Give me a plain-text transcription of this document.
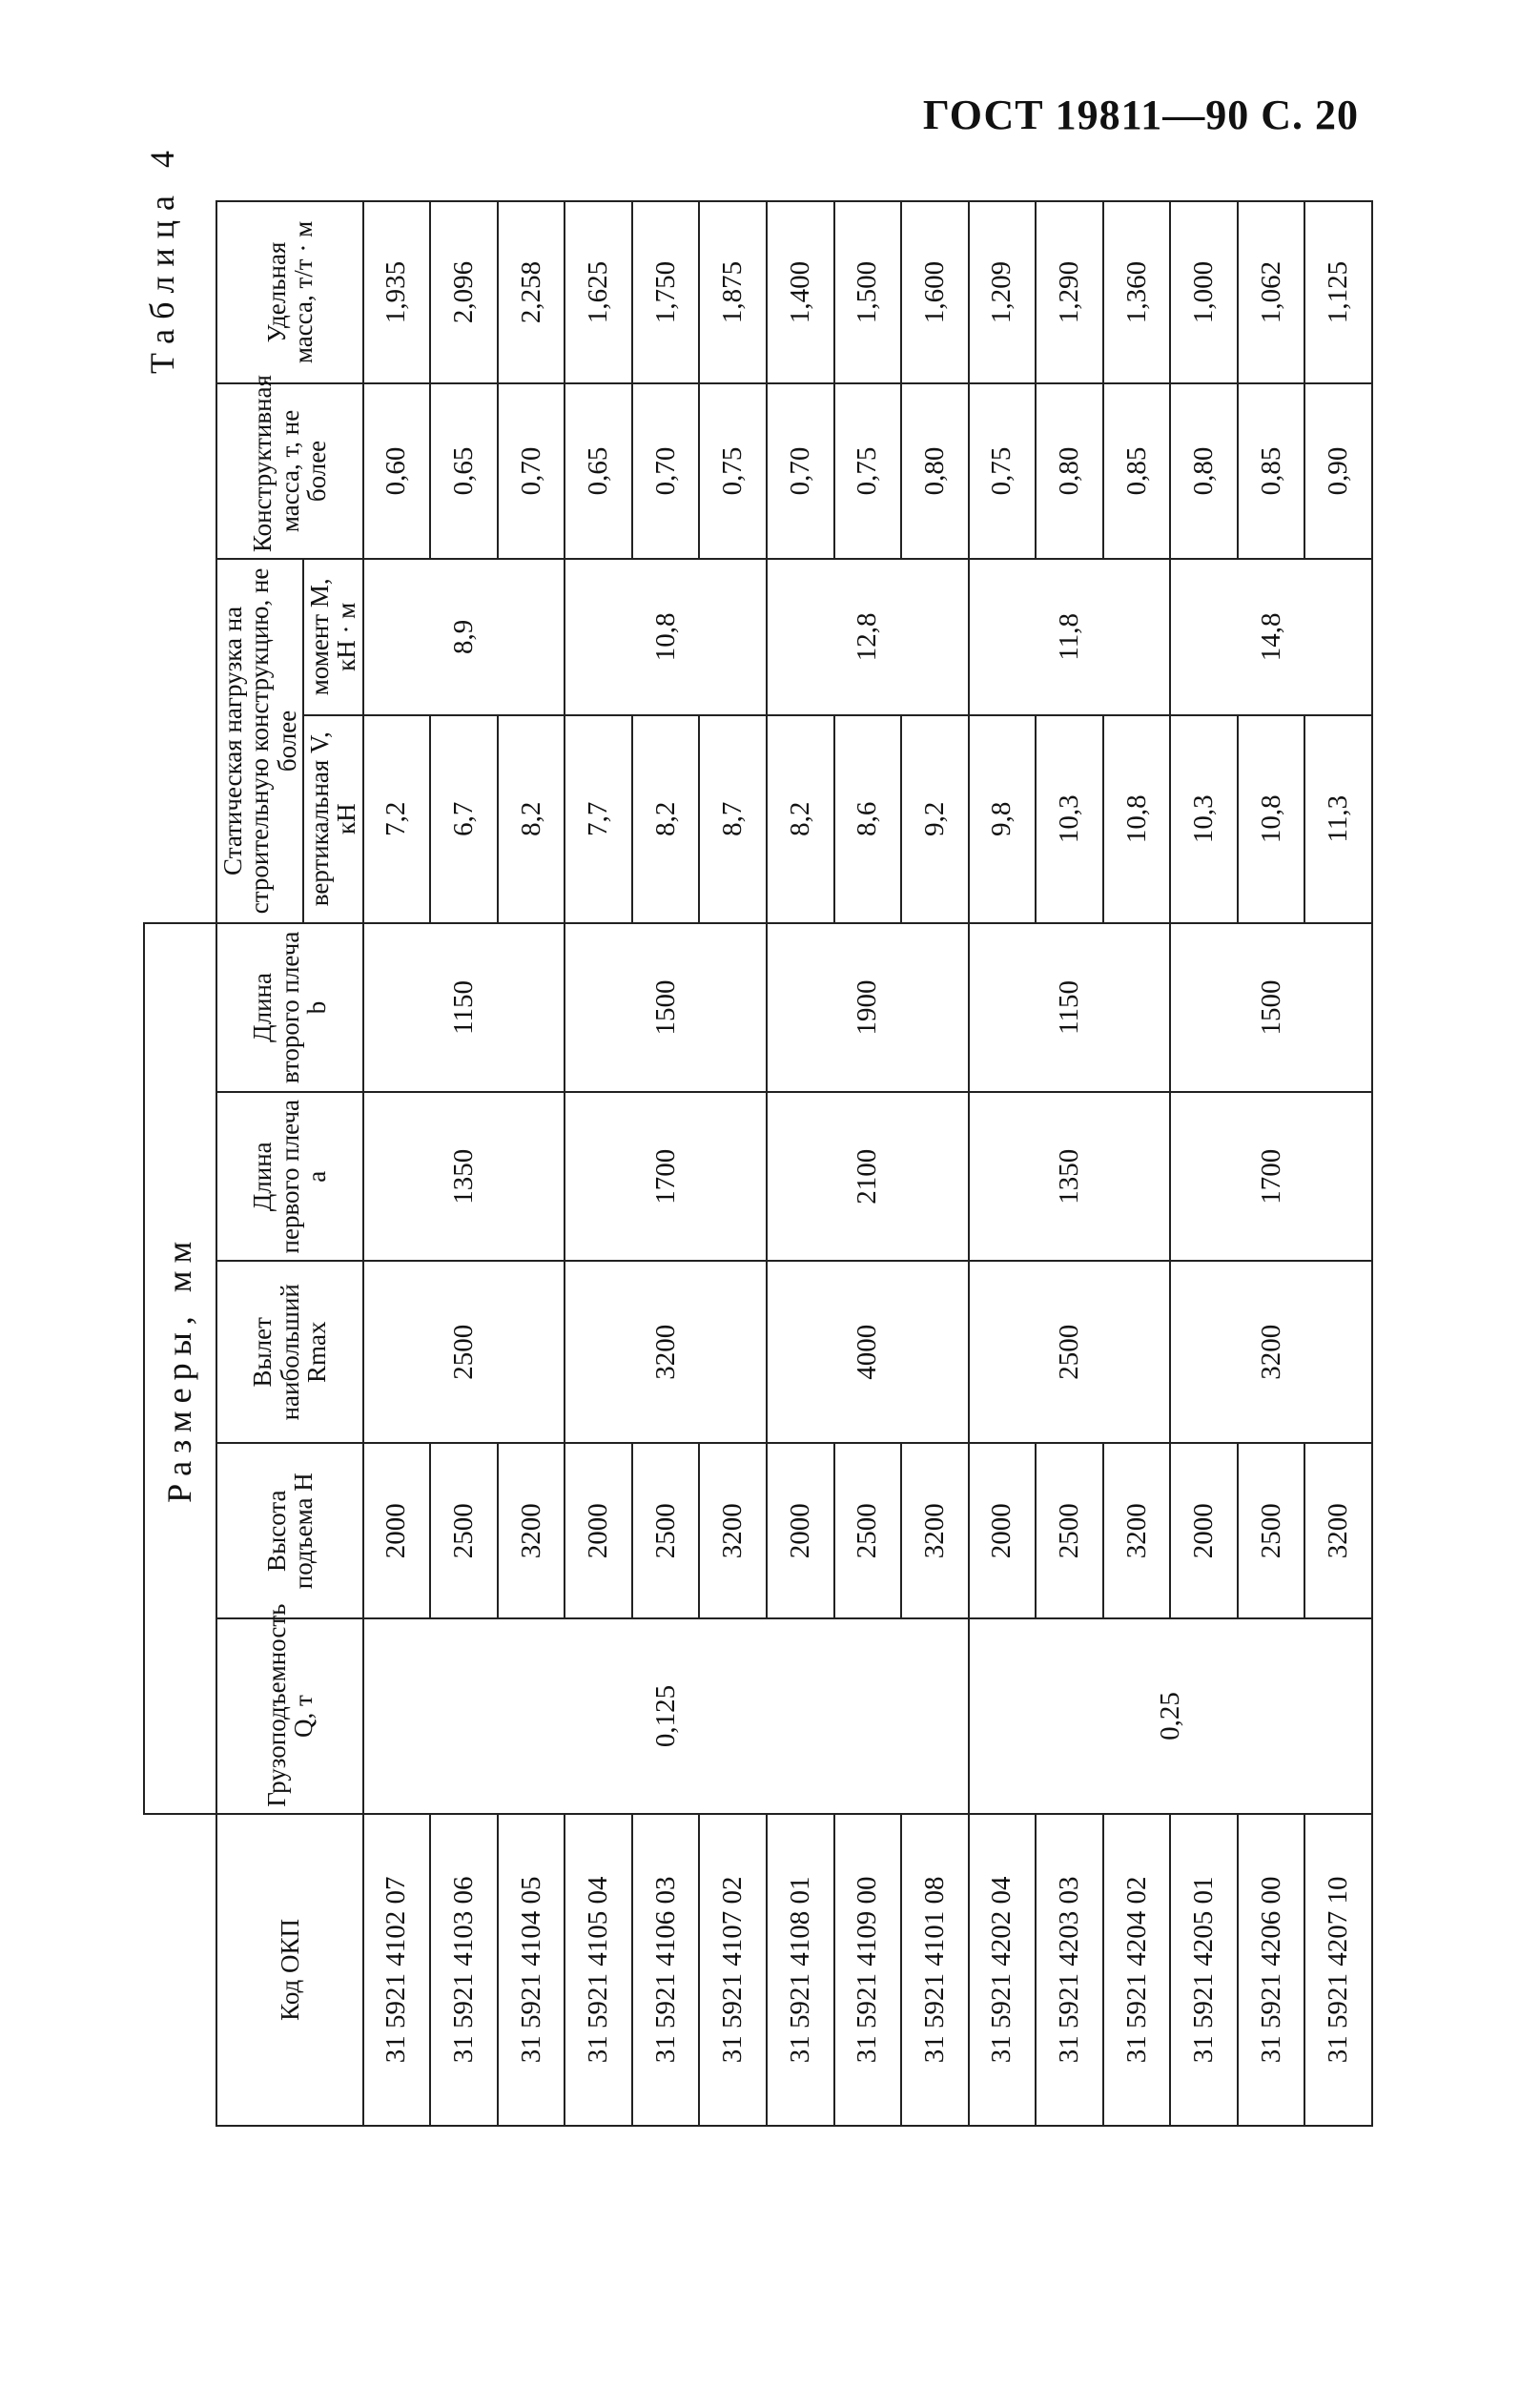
ГОСТ 19811—90 С. 20
Таблица 4
	Размеры, мм								
Код ОКП	Грузоподъемность Q, т	Высота подъема H	Вылет наибольший Rmax	Длина первого плеча a	Длина второго плеча b	Статическая нагрузка на строительную конструкцию, не более		Конструктивная масса, т, не более	Удельная масса, т/т · м
						вертикальная V, кН	момент M, кН · м		
31 5921 4102 07	0,125	2000	2500	1350	1150	7,2	8,9	0,60	1,935
31 5921 4103 06		2500				6,7		0,65	2,096
31 5921 4104 05		3200				8,2		0,70	2,258
31 5921 4105 04		2000	3200	1700	1500	7,7	10,8	0,65	1,625
31 5921 4106 03		2500				8,2		0,70	1,750
31 5921 4107 02		3200				8,7		0,75	1,875
31 5921 4108 01		2000	4000	2100	1900	8,2	12,8	0,70	1,400
31 5921 4109 00		2500				8,6		0,75	1,500
31 5921 4101 08		3200				9,2		0,80	1,600
31 5921 4202 04	0,25	2000	2500	1350	1150	9,8	11,8	0,75	1,209
31 5921 4203 03		2500				10,3		0,80	1,290
31 5921 4204 02		3200				10,8		0,85	1,360
31 5921 4205 01		2000	3200	1700	1500	10,3	14,8	0,80	1,000
31 5921 4206 00		2500				10,8		0,85	1,062
31 5921 4207 10		3200				11,3		0,90	1,125
